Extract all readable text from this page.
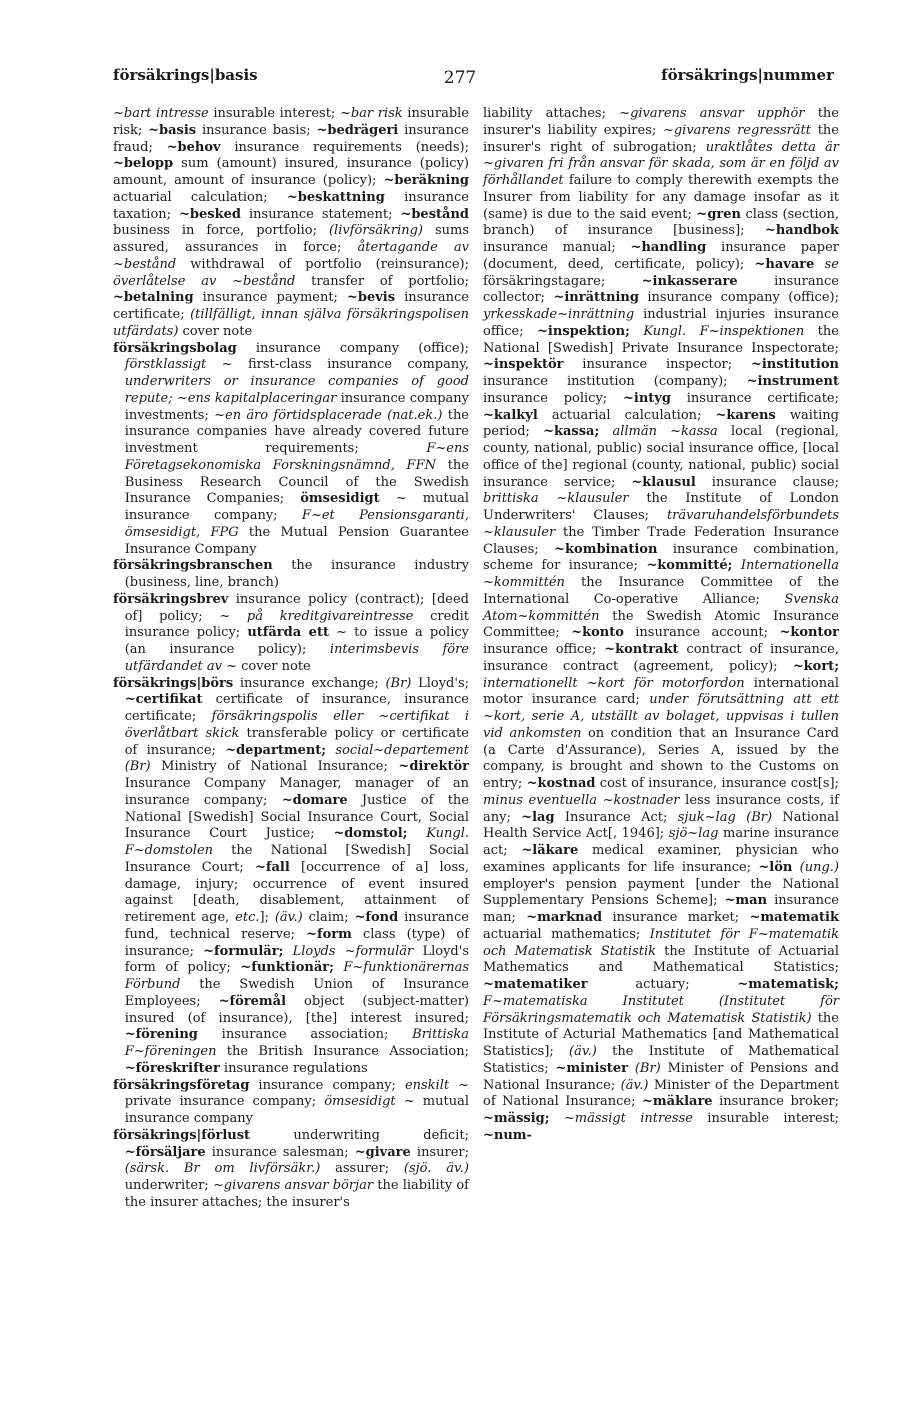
försäkrings|basis	277	försäkrings|nummer

~bart intresse insurable interest; ~bar risk insurable risk; ~basis insurance basis; ~bedrägeri insurance fraud; ~behov insurance requirements (needs); ~belopp sum (amount) insured, insurance (policy) amount, amount of insurance (policy); ~beräkning actuarial calculation; ~beskattning insurance taxation; ~besked insurance statement; ~bestånd business in force, portfolio; (livförsäkring) sums assured, assurances in force; återtagande av ~bestånd withdrawal of portfolio (reinsurance); överlåtelse av ~bestånd transfer of portfolio; ~betalning insurance payment; ~bevis insurance certificate; (tillfälligt, innan själva försäkringspolisen utfärdats) cover note

försäkringsbolag insurance company (office); förstklassigt ~ first-class insurance company, underwriters or insurance companies of good repute; ~ens kapitalplaceringar insurance company investments; ~en äro förtidsplacerade (nat.ek.) the insurance companies have already covered future investment requirements; F~ens Företagsekonomiska Forskningsnämnd, FFN the Business Research Council of the Swedish Insurance Companies; ömsesidigt ~ mutual insurance company; F~et Pensionsgaranti, ömsesidigt, FPG the Mutual Pension Guarantee Insurance Company

försäkringsbranschen the insurance industry (business, line, branch)

försäkringsbrev insurance policy (contract); [deed of] policy; ~ på kreditgivareintresse credit insurance policy; utfärda ett ~ to issue a policy (an insurance policy); interimsbevis före utfärdandet av ~ cover note

försäkrings|börs insurance exchange; (Br) Lloyd's; ~certifikat certificate of insurance, insurance certificate; försäkringspolis eller ~certifikat i överlåtbart skick transferable policy or certificate of insurance; ~department; social~departement (Br) Ministry of National Insurance; ~direktör Insurance Company Manager, manager of an insurance company; ~domare Justice of the National [Swedish] Social Insurance Court, Social Insurance Court Justice; ~domstol; Kungl. F~domstolen the National [Swedish] Social Insurance Court; ~fall [occurrence of a] loss, damage, injury; occurrence of event insured against [death, disablement, attainment of retirement age, etc.]; (äv.) claim; ~fond insurance fund, technical reserve; ~form class (type) of insurance; ~formulär; Lloyds ~formulär Lloyd's form of policy; ~funktionär; F~funktionärernas Förbund the Swedish Union of Insurance Employees; ~föremål object (subject-matter) insured (of insurance), [the] interest insured; ~förening insurance association; Brittiska F~föreningen the British Insurance Association; ~föreskrifter insurance regulations

försäkringsföretag insurance company; enskilt ~ private insurance company; ömsesidigt ~ mutual insurance company

försäkrings|förlust underwriting deficit; ~försäljare insurance salesman; ~givare insurer; (särsk. Br om livförsäkr.) assurer; (sjö. äv.) underwriter; ~givarens ansvar börjar the liability of the insurer attaches; the insurer's

liability attaches; ~givarens ansvar upphör the insurer's liability expires; ~givarens regressrätt the insurer's right of subrogation; uraktlåtes detta är ~givaren fri från ansvar för skada, som är en följd av förhållandet failure to comply therewith exempts the Insurer from liability for any damage insofar as it (same) is due to the said event; ~gren class (section, branch) of insurance [business]; ~handbok insurance manual; ~handling insurance paper (document, deed, certificate, policy); ~havare se försäkringstagare; ~inkasserare insurance collector; ~inrättning insurance company (office); yrkesskade~inrättning industrial injuries insurance office; ~inspektion; Kungl. F~inspektionen the National [Swedish] Private Insurance Inspectorate; ~inspektör insurance inspector; ~institution insurance institution (company); ~instrument insurance policy; ~intyg insurance certificate; ~kalkyl actuarial calculation; ~karens waiting period; ~kassa; allmän ~kassa local (regional, county, national, public) social insurance office, [local office of the] regional (county, national, public) social insurance service; ~klausul insurance clause; brittiska ~klausuler the Institute of London Underwriters' Clauses; trävaruhandelsförbundets ~klausuler the Timber Trade Federation Insurance Clauses; ~kombination insurance combination, scheme for insurance; ~kommitté; Internationella ~kommittén the Insurance Committee of the International Co-operative Alliance; Svenska Atom~kommittén the Swedish Atomic Insurance Committee; ~konto insurance account; ~kontor insurance office; ~kontrakt contract of insurance, insurance contract (agreement, policy); ~kort; internationellt ~kort för motorfordon international motor insurance card; under förutsättning att ett ~kort, serie A, utställt av bolaget, uppvisas i tullen vid ankomsten on condition that an Insurance Card (a Carte d'Assurance), Series A, issued by the company, is brought and shown to the Customs on entry; ~kostnad cost of insurance, insurance cost[s]; minus eventuella ~kostnader less insurance costs, if any; ~lag Insurance Act; sjuk~lag (Br) National Health Service Act[, 1946]; sjö~lag marine insurance act; ~läkare medical examiner, physician who examines applicants for life insurance; ~lön (ung.) employer's pension payment [under the National Supplementary Pensions Scheme]; ~man insurance man; ~marknad insurance market; ~matematik actuarial mathematics; Institutet för F~matematik och Matematisk Statistik the Institute of Actuarial Mathematics and Mathematical Statistics; ~matematiker actuary; ~matematisk; F~matematiska Institutet (Institutet för Försäkringsmatematik och Matematisk Statistik) the Institute of Acturial Mathematics [and Mathematical Statistics]; (äv.) the Institute of Mathematical Statistics; ~minister (Br) Minister of Pensions and National Insurance; (äv.) Minister of the Department of National Insurance; ~mäklare insurance broker; ~mässig; ~mässigt intresse insurable interest; ~num-
